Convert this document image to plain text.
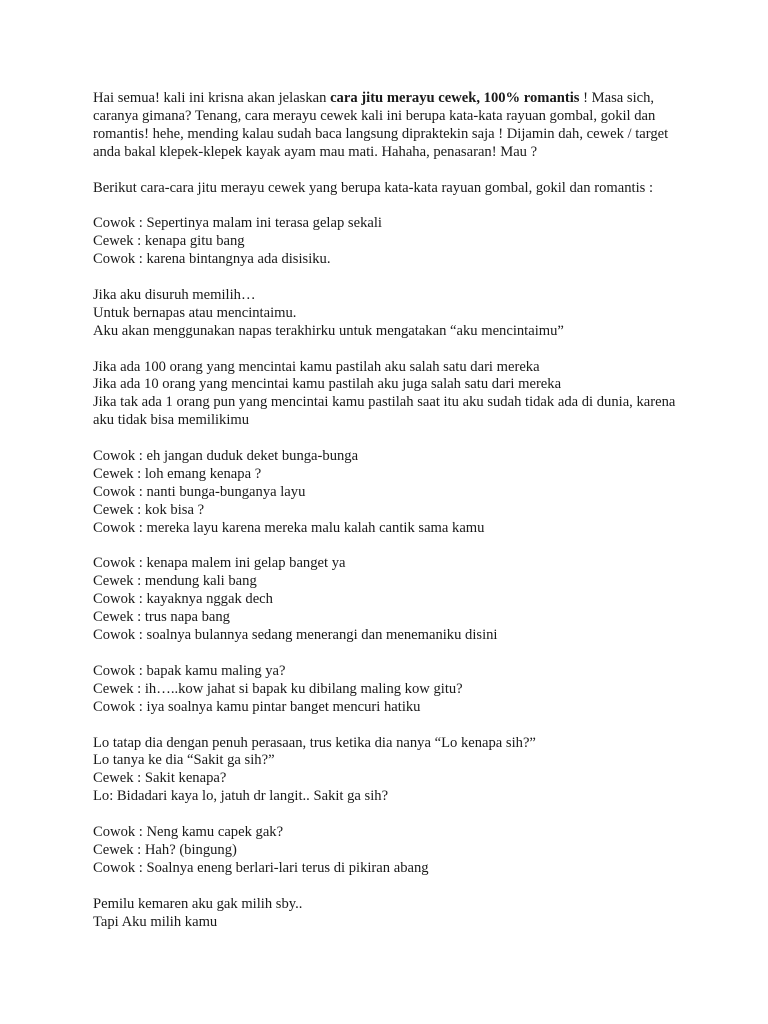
Hai semua! kali ini krisna akan jelaskan cara jitu merayu cewek, 100% romantis ! Masa sich, caranya gimana? Tenang, cara merayu cewek kali ini berupa kata-kata rayuan gombal, gokil dan romantis! hehe, mending kalau sudah baca langsung dipraktekin saja ! Dijamin dah, cewek / target anda bakal klepek-klepek kayak ayam mau mati. Hahaha, penasaran! Mau ?

Berikut cara-cara jitu merayu cewek yang berupa kata-kata rayuan gombal, gokil dan romantis :

Cowok : Sepertinya malam ini terasa gelap sekali
Cewek : kenapa gitu bang
Cowok : karena bintangnya ada disisiku.

Jika aku disuruh memilih…
Untuk bernapas atau mencintaimu.
Aku akan menggunakan napas terakhirku untuk mengatakan “aku mencintaimu”

Jika ada 100 orang yang mencintai kamu pastilah aku salah satu dari mereka
Jika ada 10 orang yang mencintai kamu pastilah aku juga salah satu dari mereka
Jika tak ada 1 orang pun yang mencintai kamu pastilah saat itu aku sudah tidak ada di dunia, karena aku tidak bisa memilikimu

Cowok : eh jangan duduk deket bunga-bunga
Cewek : loh emang kenapa ?
Cowok : nanti bunga-bunganya layu
Cewek : kok bisa ?
Cowok : mereka layu karena mereka malu kalah cantik sama kamu

Cowok : kenapa malem ini gelap banget ya
Cewek : mendung kali bang
Cowok : kayaknya nggak dech
Cewek : trus napa bang
Cowok : soalnya bulannya sedang menerangi dan menemaniku disini

Cowok : bapak kamu maling ya?
Cewek : ih…..kow jahat si bapak ku dibilang maling kow gitu?
Cowok : iya soalnya kamu pintar banget mencuri hatiku

Lo tatap dia dengan penuh perasaan, trus ketika dia nanya “Lo kenapa sih?”
Lo tanya ke dia “Sakit ga sih?”
Cewek : Sakit kenapa?
Lo: Bidadari kaya lo, jatuh dr langit.. Sakit ga sih?

Cowok : Neng kamu capek gak?
Cewek : Hah? (bingung)
Cowok : Soalnya eneng berlari-lari terus di pikiran abang

Pemilu kemaren aku gak milih sby..
Tapi Aku milih kamu
